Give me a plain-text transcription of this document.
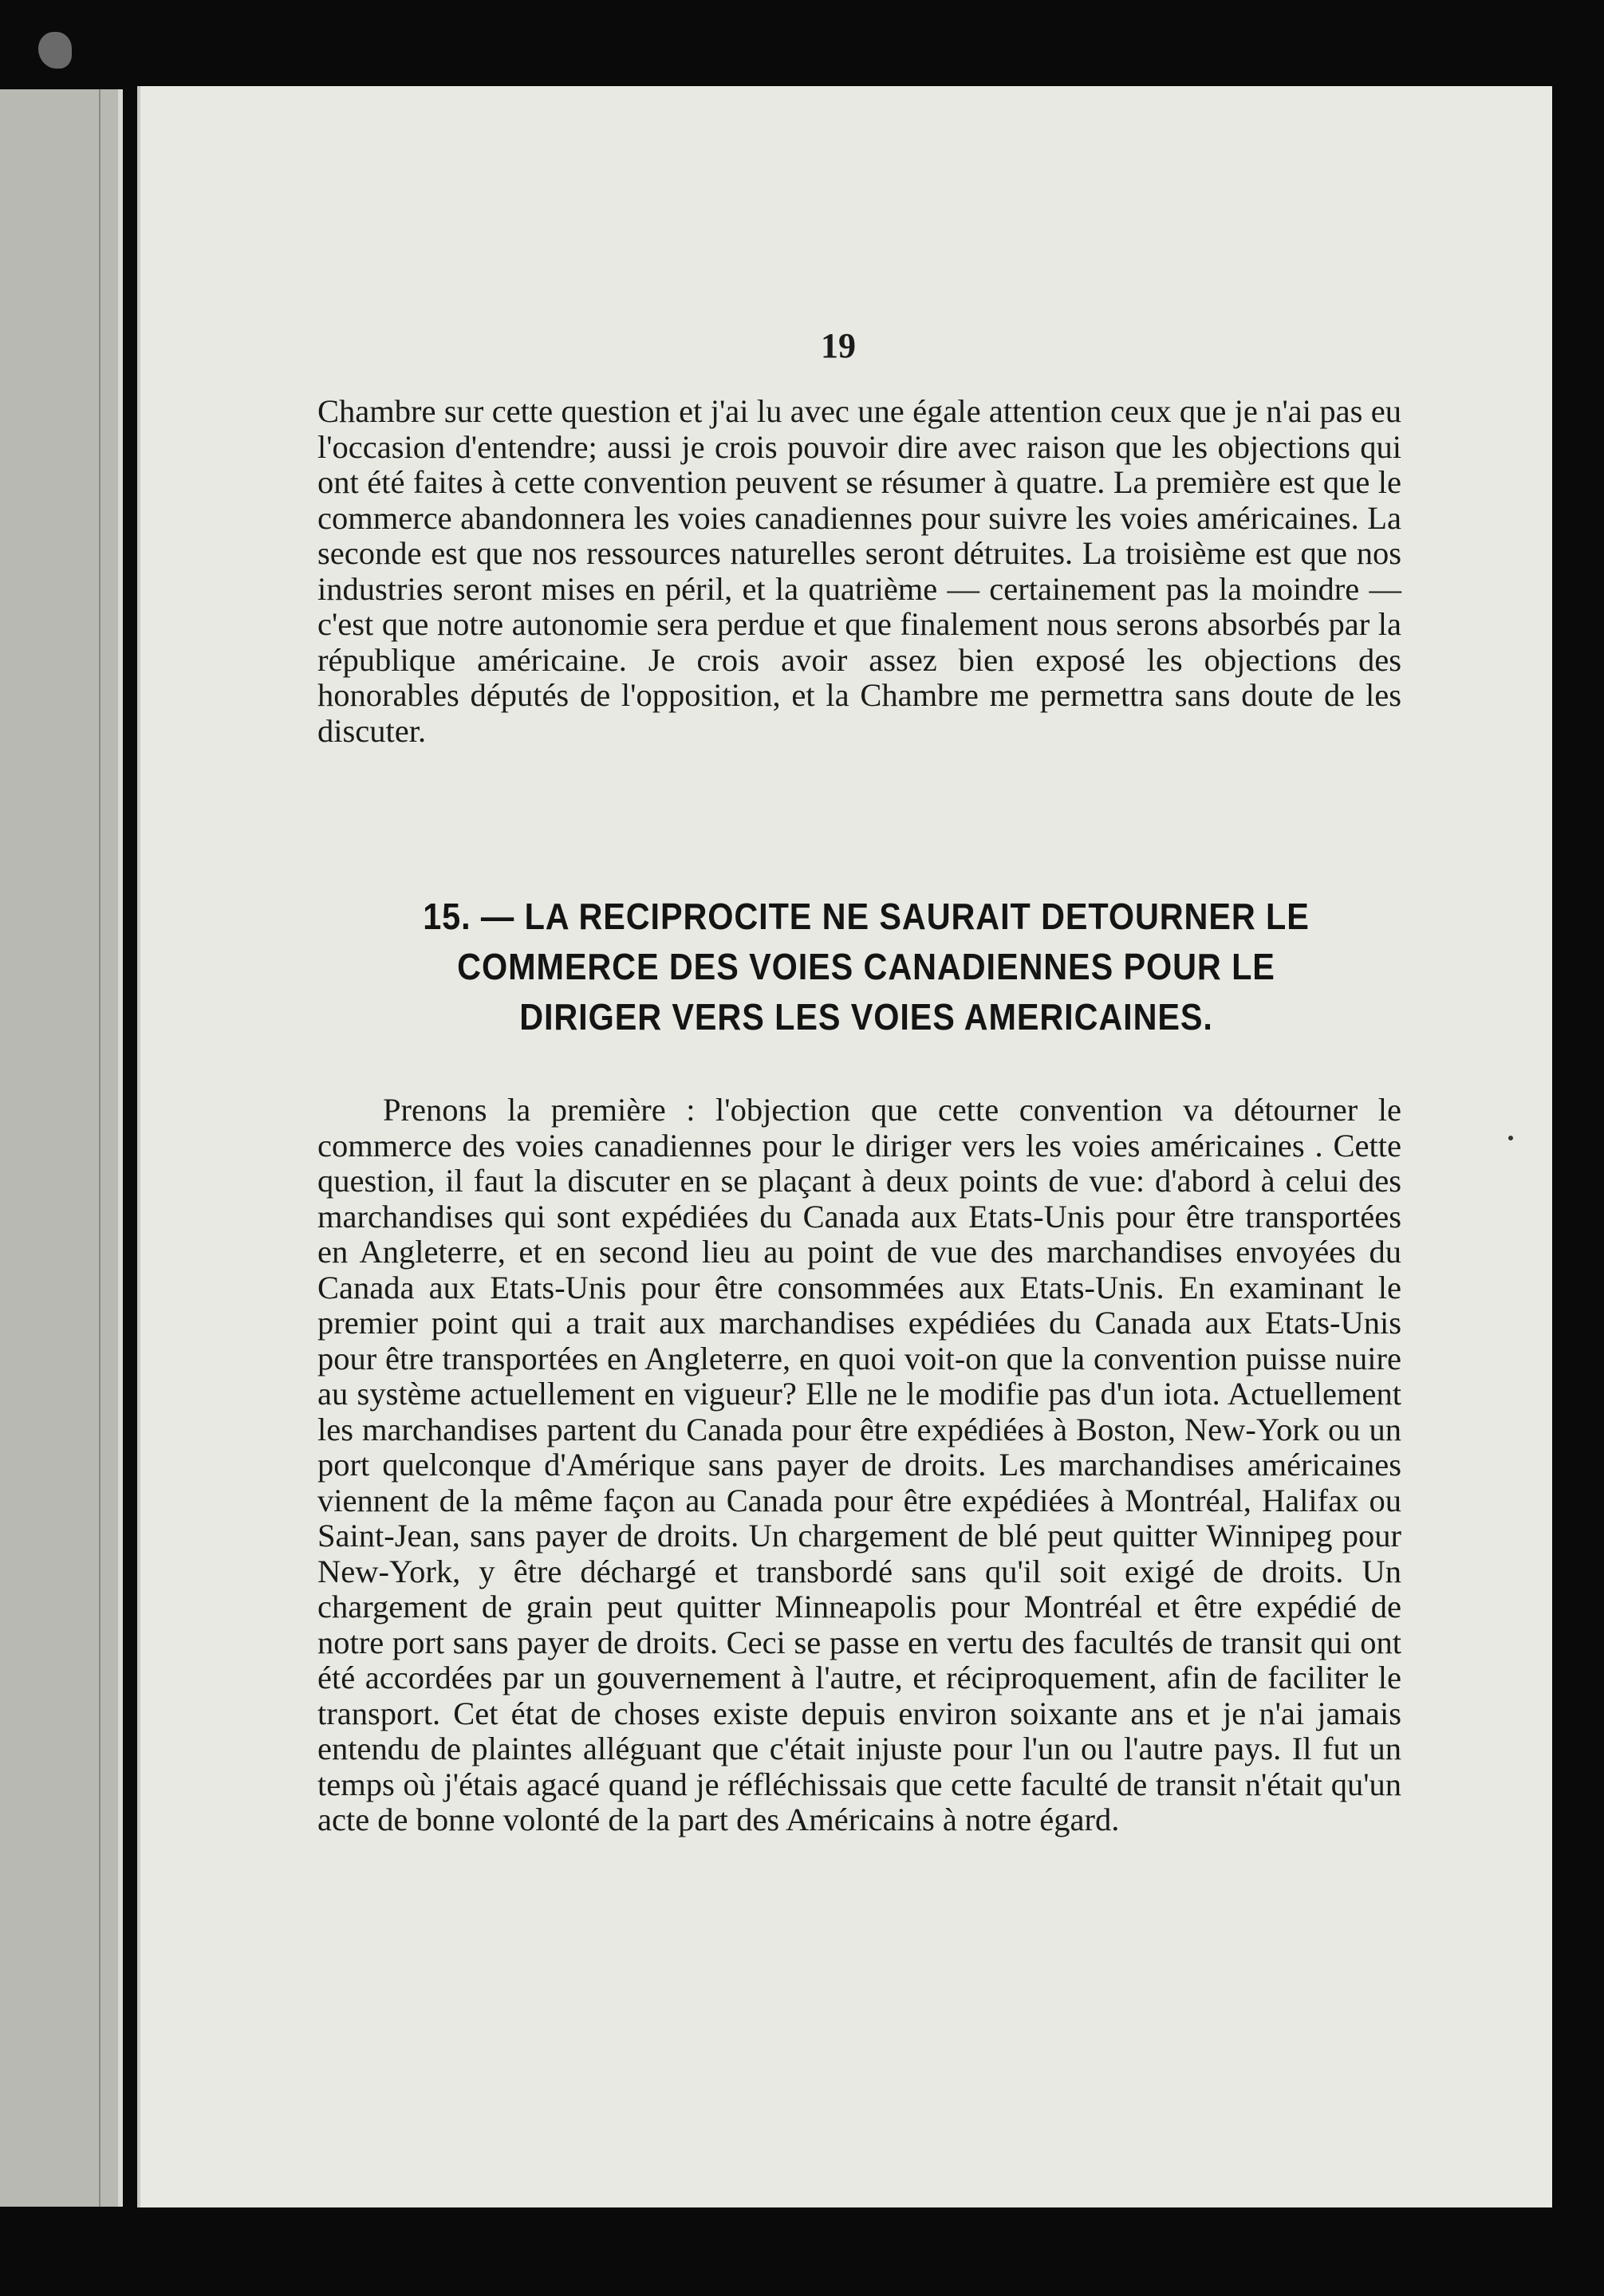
19

Chambre sur cette question et j'ai lu avec une égale attention ceux que je n'ai pas eu l'occasion d'entendre; aussi je crois pouvoir dire avec raison que les objections qui ont été faites à cette convention peuvent se résumer à quatre. La première est que le commerce abandonnera les voies canadiennes pour suivre les voies américaines. La seconde est que nos ressources naturelles seront détruites. La troisième est que nos industries seront mises en péril, et la quatrième — certainement pas la moindre — c'est que notre autonomie sera perdue et que finalement nous serons absorbés par la république américaine. Je crois avoir assez bien exposé les objections des honorables députés de l'opposition, et la Chambre me permettra sans doute de les discuter.

15. — LA RECIPROCITE NE SAURAIT DETOURNER LE
COMMERCE DES VOIES CANADIENNES POUR LE
DIRIGER VERS LES VOIES AMERICAINES.

Prenons la première : l'objection que cette convention va détourner le commerce des voies canadiennes pour le diriger vers les voies américaines . Cette question, il faut la discuter en se plaçant à deux points de vue: d'abord à celui des marchandises qui sont expédiées du Canada aux Etats-Unis pour être transportées en Angleterre, et en second lieu au point de vue des marchandises envoyées du Canada aux Etats-Unis pour être consommées aux Etats-Unis. En examinant le premier point qui a trait aux marchandises expédiées du Canada aux Etats-Unis pour être transportées en Angleterre, en quoi voit-on que la convention puisse nuire au système actuellement en vigueur? Elle ne le modifie pas d'un iota. Actuellement les marchandises partent du Canada pour être expédiées à Boston, New-York ou un port quelconque d'Amérique sans payer de droits. Les marchandises américaines viennent de la même façon au Canada pour être expédiées à Montréal, Halifax ou Saint-Jean, sans payer de droits. Un chargement de blé peut quitter Winnipeg pour New-York, y être déchargé et transbordé sans qu'il soit exigé de droits. Un chargement de grain peut quitter Minneapolis pour Montréal et être expédié de notre port sans payer de droits. Ceci se passe en vertu des facultés de transit qui ont été accordées par un gouvernement à l'autre, et réciproquement, afin de faciliter le transport. Cet état de choses existe depuis environ soixante ans et je n'ai jamais entendu de plaintes alléguant que c'était injuste pour l'un ou l'autre pays. Il fut un temps où j'étais agacé quand je réfléchissais que cette faculté de transit n'était qu'un acte de bonne volonté de la part des Américains à notre égard.
